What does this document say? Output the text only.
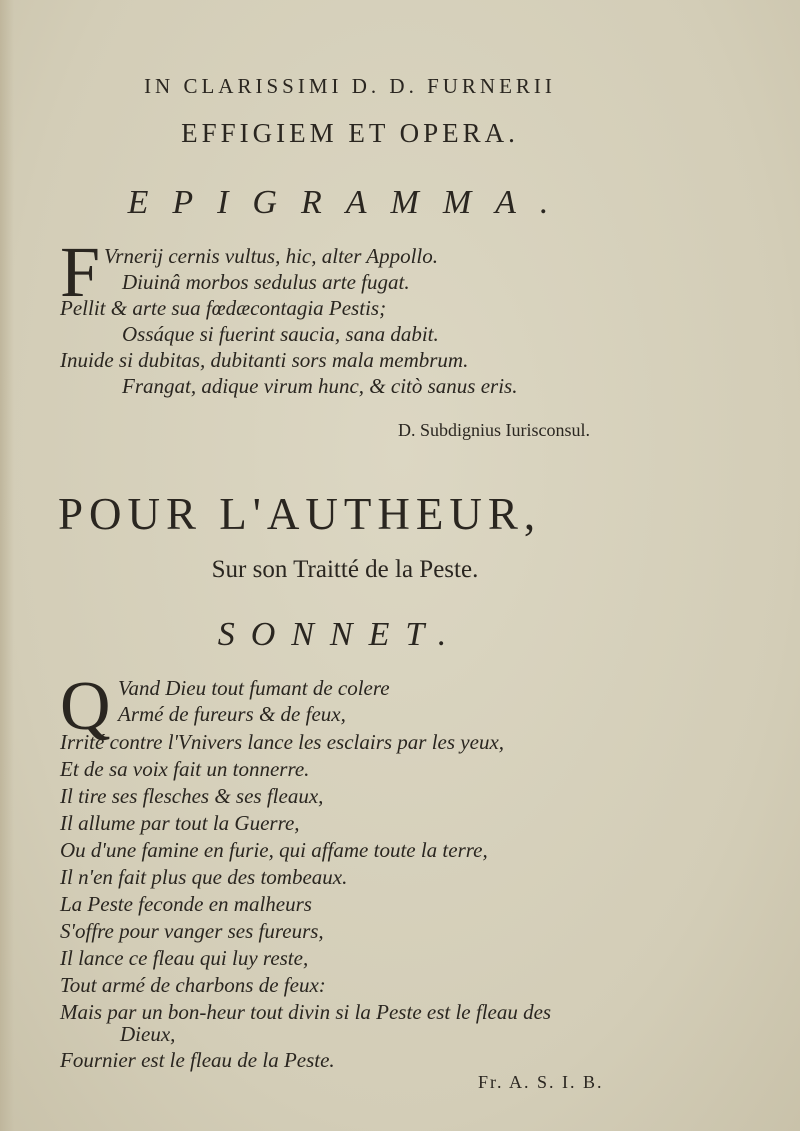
IN CLARISSIMI D. D. FURNERII
EFFIGIEM ET OPERA.
EPIGRAMMA.
F Vrnerij cernis vultus, hic, alter Appollo.
Diuinâ morbos sedulus arte fugat.
Pellit & arte sua fœdæcontagia Pestis;
Ossáque si fuerint saucia, sana dabit.
Inuide si dubitas, dubitanti sors mala membrum.
Frangat, adique virum hunc, & citò sanus eris.
D. Subdignius Iurisconsul.
POUR L'AUTHEUR,
Sur son Traitté de la Peste.
SONNET.
Q Vand Dieu tout fumant de colere
Armé de fureurs & de feux,
Irrité contre l'Vnivers lance les esclairs par les yeux,
Et de sa voix fait un tonnerre.
Il tire ses flesches & ses fleaux,
Il allume par tout la Guerre,
Ou d'une famine en furie, qui affame toute la terre,
Il n'en fait plus que des tombeaux.
La Peste feconde en malheurs
S'offre pour vanger ses fureurs,
Il lance ce fleau qui luy reste,
Tout armé de charbons de feux:
Mais par un bon-heur tout divin si la Peste est le fleau des
Dieux,
Fournier est le fleau de la Peste.
Fr. A. S. I. B.
